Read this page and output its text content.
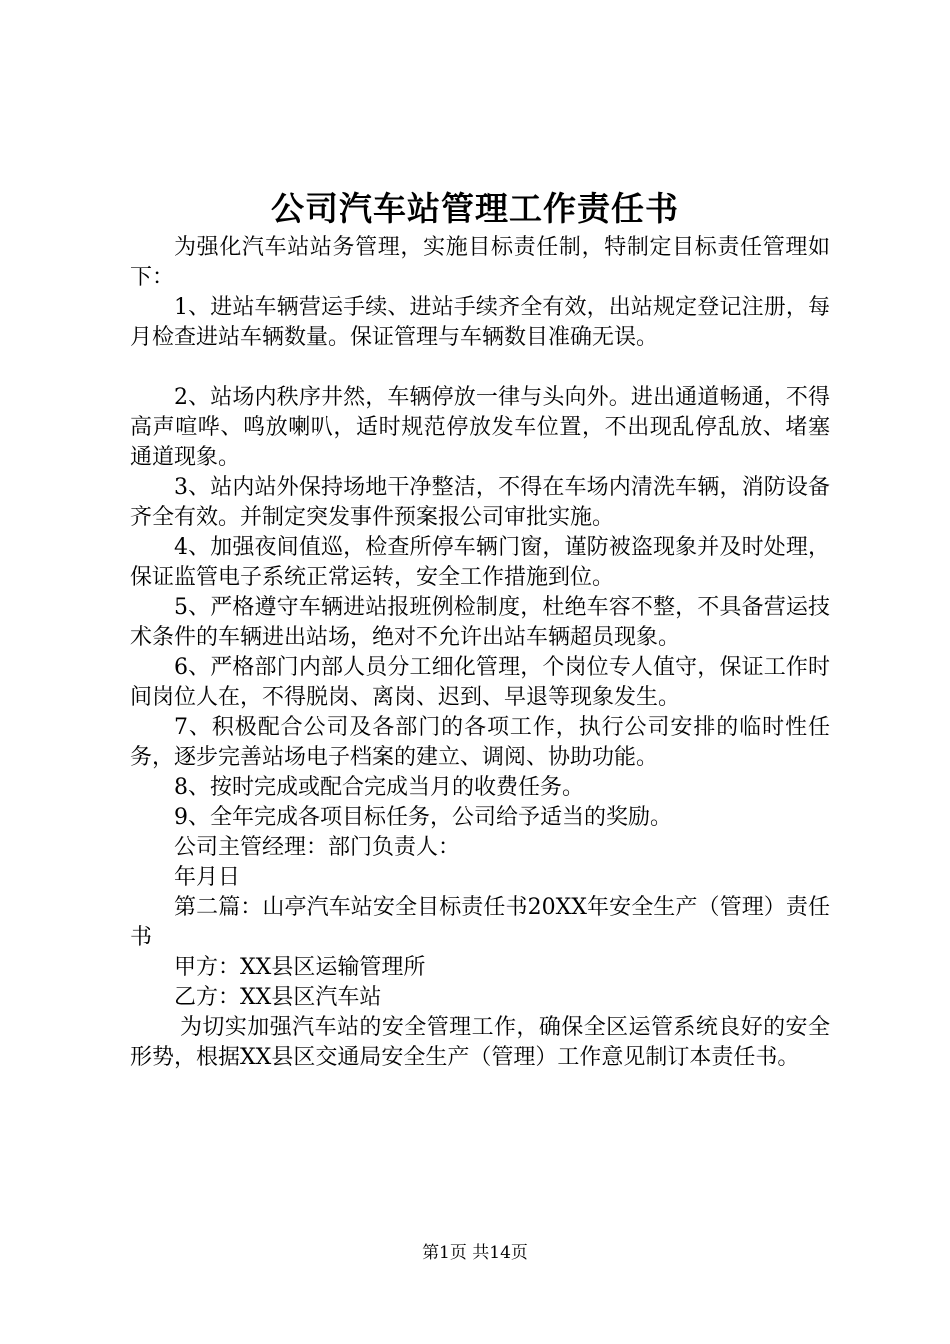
公司汽车站管理工作责任书

为强化汽车站站务管理，实施目标责任制，特制定目标责任管理如下：

1、进站车辆营运手续、进站手续齐全有效，出站规定登记注册，每月检查进站车辆数量。保证管理与车辆数目准确无误。

2、站场内秩序井然，车辆停放一律与头向外。进出通道畅通，不得高声喧哗、鸣放喇叭，适时规范停放发车位置，不出现乱停乱放、堵塞通道现象。

3、站内站外保持场地干净整洁，不得在车场内清洗车辆，消防设备齐全有效。并制定突发事件预案报公司审批实施。

4、加强夜间值巡，检查所停车辆门窗，谨防被盗现象并及时处理，保证监管电子系统正常运转，安全工作措施到位。

5、严格遵守车辆进站报班例检制度，杜绝车容不整，不具备营运技术条件的车辆进出站场，绝对不允许出站车辆超员现象。

6、严格部门内部人员分工细化管理，个岗位专人值守，保证工作时间岗位人在，不得脱岗、离岗、迟到、早退等现象发生。

7、积极配合公司及各部门的各项工作，执行公司安排的临时性任务，逐步完善站场电子档案的建立、调阅、协助功能。

8、按时完成或配合完成当月的收费任务。

9、全年完成各项目标任务，公司给予适当的奖励。

公司主管经理：部门负责人：

年月日

第二篇：山亭汽车站安全目标责任书20XX年安全生产（管理）责任书

甲方：XX县区运输管理所

乙方：XX县区汽车站

为切实加强汽车站的安全管理工作，确保全区运管系统良好的安全形势，根据XX县区交通局安全生产（管理）工作意见制订本责任书。

第1页 共14页
